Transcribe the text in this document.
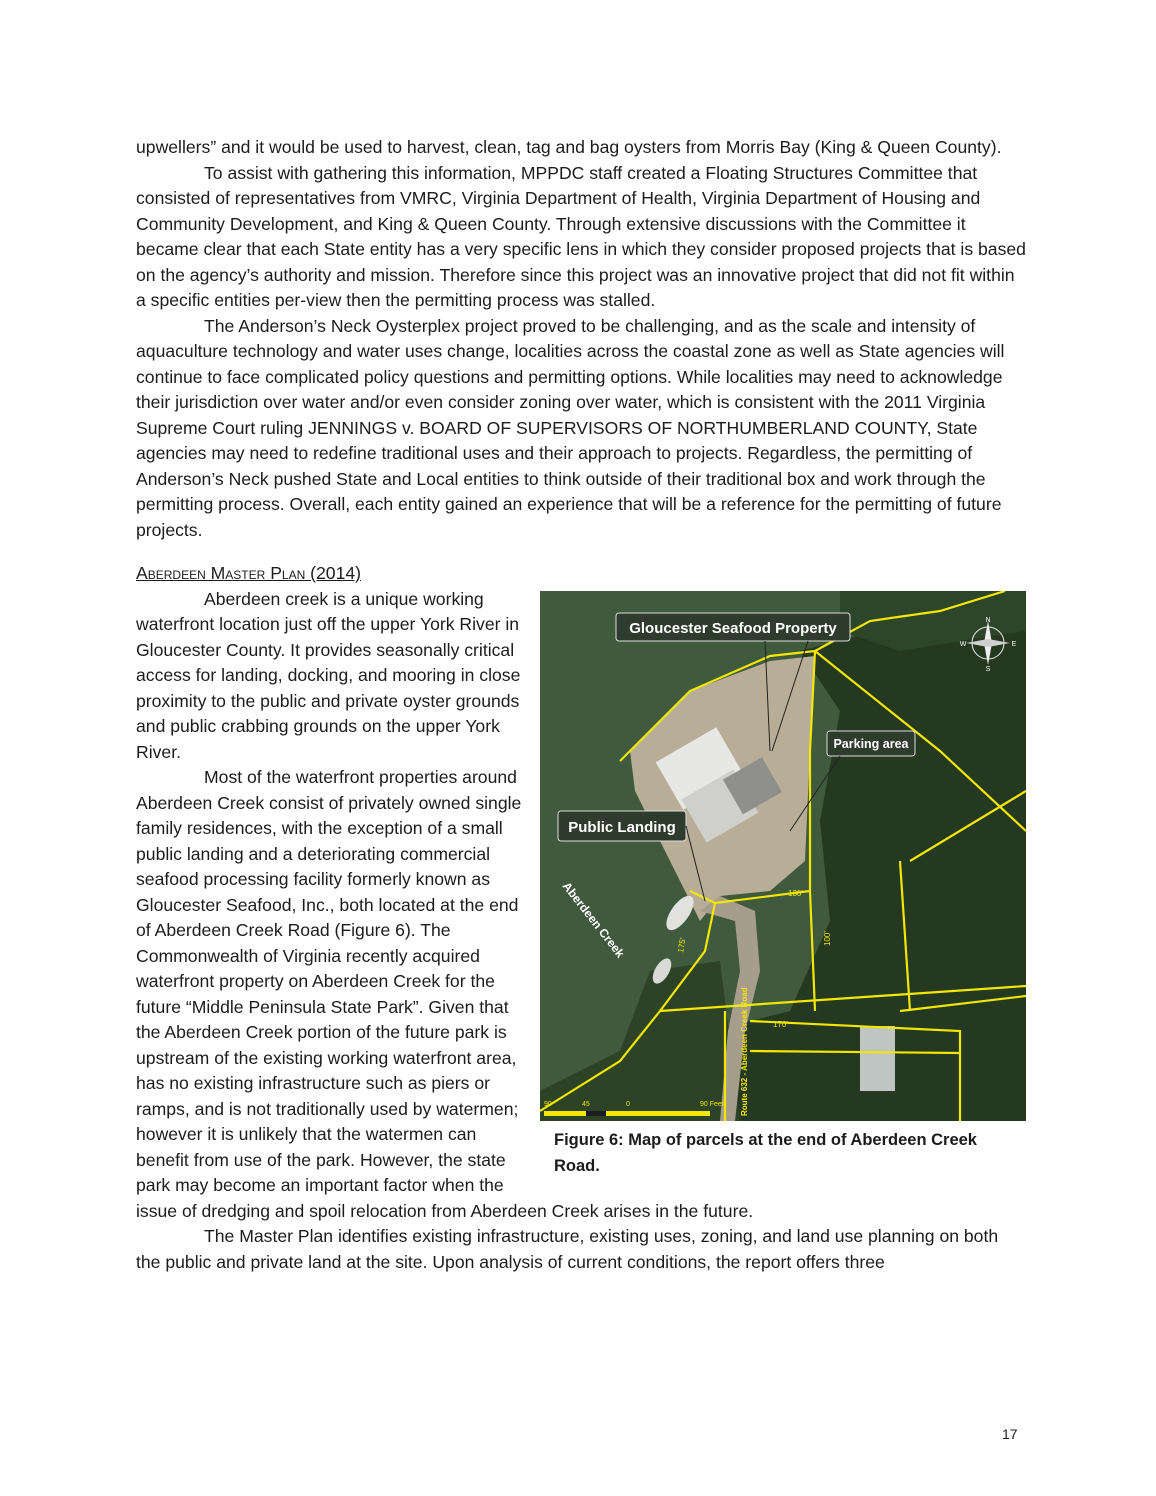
upwellers” and it would be used to harvest, clean, tag and bag oysters from Morris Bay (King & Queen County).

To assist with gathering this information, MPPDC staff created a Floating Structures Committee that consisted of representatives from VMRC, Virginia Department of Health, Virginia Department of Housing and Community Development, and King & Queen County. Through extensive discussions with the Committee it became clear that each State entity has a very specific lens in which they consider proposed projects that is based on the agency’s authority and mission. Therefore since this project was an innovative project that did not fit within a specific entities per-view then the permitting process was stalled.

The Anderson’s Neck Oysterplex project proved to be challenging, and as the scale and intensity of aquaculture technology and water uses change, localities across the coastal zone as well as State agencies will continue to face complicated policy questions and permitting options. While localities may need to acknowledge their jurisdiction over water and/or even consider zoning over water, which is consistent with the 2011 Virginia Supreme Court ruling JENNINGS v. BOARD OF SUPERVISORS OF NORTHUMBERLAND COUNTY, State agencies may need to redefine traditional uses and their approach to projects. Regardless, the permitting of Anderson’s Neck pushed State and Local entities to think outside of their traditional box and work through the permitting process. Overall, each entity gained an experience that will be a reference for the permitting of future projects.

Aberdeen Master Plan (2014)
Gloucester Seafood Property
Parking area
Public Landing
Aberdeen Creek
Route 632 - Aberdeen Creek Road
130'
100'
170'
175'
N
S
E
W
90	45	0	90 Feet
Figure 6: Map of parcels at the end of Aberdeen Creek Road.

Aberdeen creek is a unique working waterfront location just off the upper York River in Gloucester County. It provides seasonally critical access for landing, docking, and mooring in close proximity to the public and private oyster grounds and public crabbing grounds on the upper York River.

Most of the waterfront properties around Aberdeen Creek consist of privately owned single family residences, with the exception of a small public landing and a deteriorating commercial seafood processing facility formerly known as Gloucester Seafood, Inc., both located at the end of Aberdeen Creek Road (Figure 6). The Commonwealth of Virginia recently acquired waterfront property on Aberdeen Creek for the future “Middle Peninsula State Park”. Given that the Aberdeen Creek portion of the future park is upstream of the existing working waterfront area, has no existing infrastructure such as piers or ramps, and is not traditionally used by watermen; however it is unlikely that the watermen can benefit from use of the park. However, the state park may become an important factor when the issue of dredging and spoil relocation from Aberdeen Creek arises in the future.

The Master Plan identifies existing infrastructure, existing uses, zoning, and land use planning on both the public and private land at the site. Upon analysis of current conditions, the report offers three

17
